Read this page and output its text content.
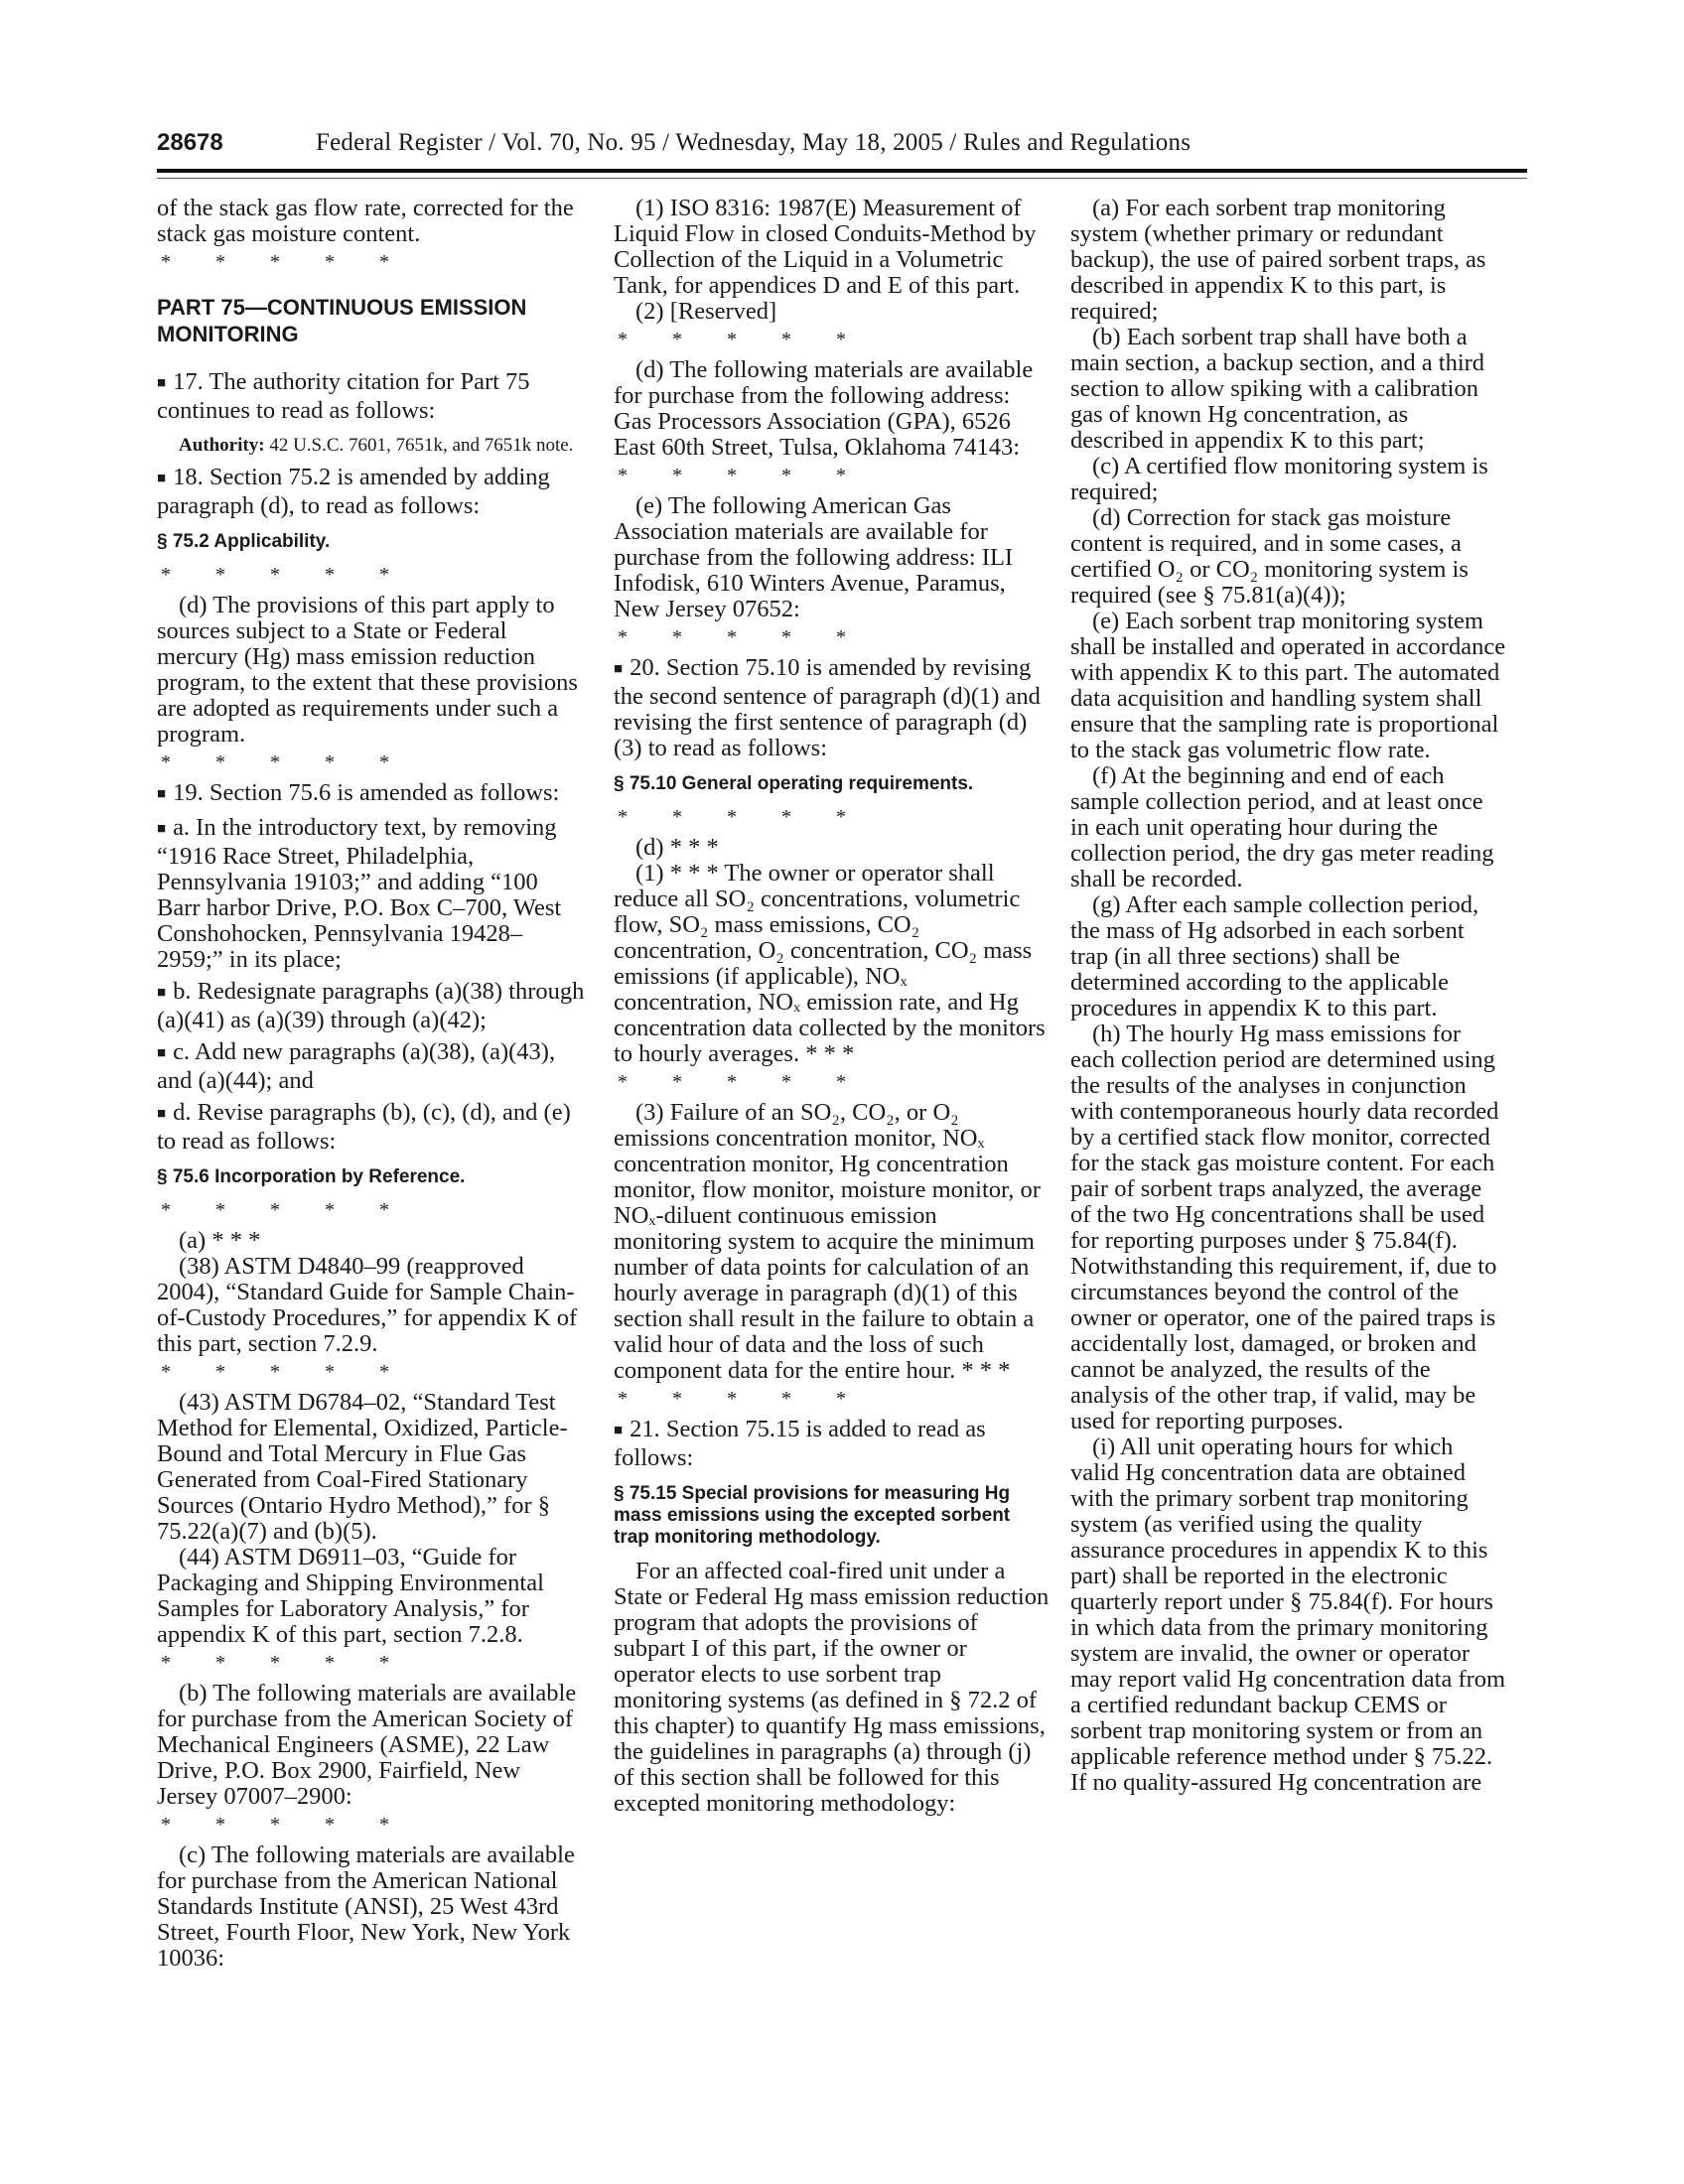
28678	Federal Register / Vol. 70, No. 95 / Wednesday, May 18, 2005 / Rules and Regulations

of the stack gas flow rate, corrected for the stack gas moisture content.

* * * * *

PART 75—CONTINUOUS EMISSION MONITORING

■ 17. The authority citation for Part 75 continues to read as follows:

Authority: 42 U.S.C. 7601, 7651k, and 7651k note.

■ 18. Section 75.2 is amended by adding paragraph (d), to read as follows:

§ 75.2 Applicability.

* * * * *

(d) The provisions of this part apply to sources subject to a State or Federal mercury (Hg) mass emission reduction program, to the extent that these provisions are adopted as requirements under such a program.

* * * * *

■ 19. Section 75.6 is amended as follows:

■ a. In the introductory text, by removing “1916 Race Street, Philadelphia, Pennsylvania 19103;” and adding “100 Barr harbor Drive, P.O. Box C–700, West Conshohocken, Pennsylvania 19428–2959;” in its place;

■ b. Redesignate paragraphs (a)(38) through (a)(41) as (a)(39) through (a)(42);

■ c. Add new paragraphs (a)(38), (a)(43), and (a)(44); and

■ d. Revise paragraphs (b), (c), (d), and (e) to read as follows:

§ 75.6 Incorporation by Reference.

* * * * *

(a) * * *

(38) ASTM D4840–99 (reapproved 2004), “Standard Guide for Sample Chain-of-Custody Procedures,” for appendix K of this part, section 7.2.9.

* * * * *

(43) ASTM D6784–02, “Standard Test Method for Elemental, Oxidized, Particle-Bound and Total Mercury in Flue Gas Generated from Coal-Fired Stationary Sources (Ontario Hydro Method),” for § 75.22(a)(7) and (b)(5).

(44) ASTM D6911–03, “Guide for Packaging and Shipping Environmental Samples for Laboratory Analysis,” for appendix K of this part, section 7.2.8.

* * * * *

(b) The following materials are available for purchase from the American Society of Mechanical Engineers (ASME), 22 Law Drive, P.O. Box 2900, Fairfield, New Jersey 07007–2900:

* * * * *

(c) The following materials are available for purchase from the American National Standards Institute (ANSI), 25 West 43rd Street, Fourth Floor, New York, New York 10036:

(1) ISO 8316: 1987(E) Measurement of Liquid Flow in closed Conduits-Method by Collection of the Liquid in a Volumetric Tank, for appendices D and E of this part.

(2) [Reserved]

* * * * *

(d) The following materials are available for purchase from the following address: Gas Processors Association (GPA), 6526 East 60th Street, Tulsa, Oklahoma 74143:

* * * * *

(e) The following American Gas Association materials are available for purchase from the following address: ILI Infodisk, 610 Winters Avenue, Paramus, New Jersey 07652:

* * * * *

■ 20. Section 75.10 is amended by revising the second sentence of paragraph (d)(1) and revising the first sentence of paragraph (d)(3) to read as follows:

§ 75.10 General operating requirements.

* * * * *

(d) * * *

(1) * * * The owner or operator shall reduce all SO₂ concentrations, volumetric flow, SO₂ mass emissions, CO₂ concentration, O₂ concentration, CO₂ mass emissions (if applicable), NOₓ concentration, NOₓ emission rate, and Hg concentration data collected by the monitors to hourly averages. * * *

* * * * *

(3) Failure of an SO₂, CO₂, or O₂ emissions concentration monitor, NOₓ concentration monitor, Hg concentration monitor, flow monitor, moisture monitor, or NOₓ-diluent continuous emission monitoring system to acquire the minimum number of data points for calculation of an hourly average in paragraph (d)(1) of this section shall result in the failure to obtain a valid hour of data and the loss of such component data for the entire hour. * * *

* * * * *

■ 21. Section 75.15 is added to read as follows:

§ 75.15 Special provisions for measuring Hg mass emissions using the excepted sorbent trap monitoring methodology.

For an affected coal-fired unit under a State or Federal Hg mass emission reduction program that adopts the provisions of subpart I of this part, if the owner or operator elects to use sorbent trap monitoring systems (as defined in § 72.2 of this chapter) to quantify Hg mass emissions, the guidelines in paragraphs (a) through (j) of this section shall be followed for this excepted monitoring methodology:

(a) For each sorbent trap monitoring system (whether primary or redundant backup), the use of paired sorbent traps, as described in appendix K to this part, is required;

(b) Each sorbent trap shall have both a main section, a backup section, and a third section to allow spiking with a calibration gas of known Hg concentration, as described in appendix K to this part;

(c) A certified flow monitoring system is required;

(d) Correction for stack gas moisture content is required, and in some cases, a certified O₂ or CO₂ monitoring system is required (see § 75.81(a)(4));

(e) Each sorbent trap monitoring system shall be installed and operated in accordance with appendix K to this part. The automated data acquisition and handling system shall ensure that the sampling rate is proportional to the stack gas volumetric flow rate.

(f) At the beginning and end of each sample collection period, and at least once in each unit operating hour during the collection period, the dry gas meter reading shall be recorded.

(g) After each sample collection period, the mass of Hg adsorbed in each sorbent trap (in all three sections) shall be determined according to the applicable procedures in appendix K to this part.

(h) The hourly Hg mass emissions for each collection period are determined using the results of the analyses in conjunction with contemporaneous hourly data recorded by a certified stack flow monitor, corrected for the stack gas moisture content. For each pair of sorbent traps analyzed, the average of the two Hg concentrations shall be used for reporting purposes under § 75.84(f). Notwithstanding this requirement, if, due to circumstances beyond the control of the owner or operator, one of the paired traps is accidentally lost, damaged, or broken and cannot be analyzed, the results of the analysis of the other trap, if valid, may be used for reporting purposes.

(i) All unit operating hours for which valid Hg concentration data are obtained with the primary sorbent trap monitoring system (as verified using the quality assurance procedures in appendix K to this part) shall be reported in the electronic quarterly report under § 75.84(f). For hours in which data from the primary monitoring system are invalid, the owner or operator may report valid Hg concentration data from a certified redundant backup CEMS or sorbent trap monitoring system or from an applicable reference method under § 75.22. If no quality-assured Hg concentration are
